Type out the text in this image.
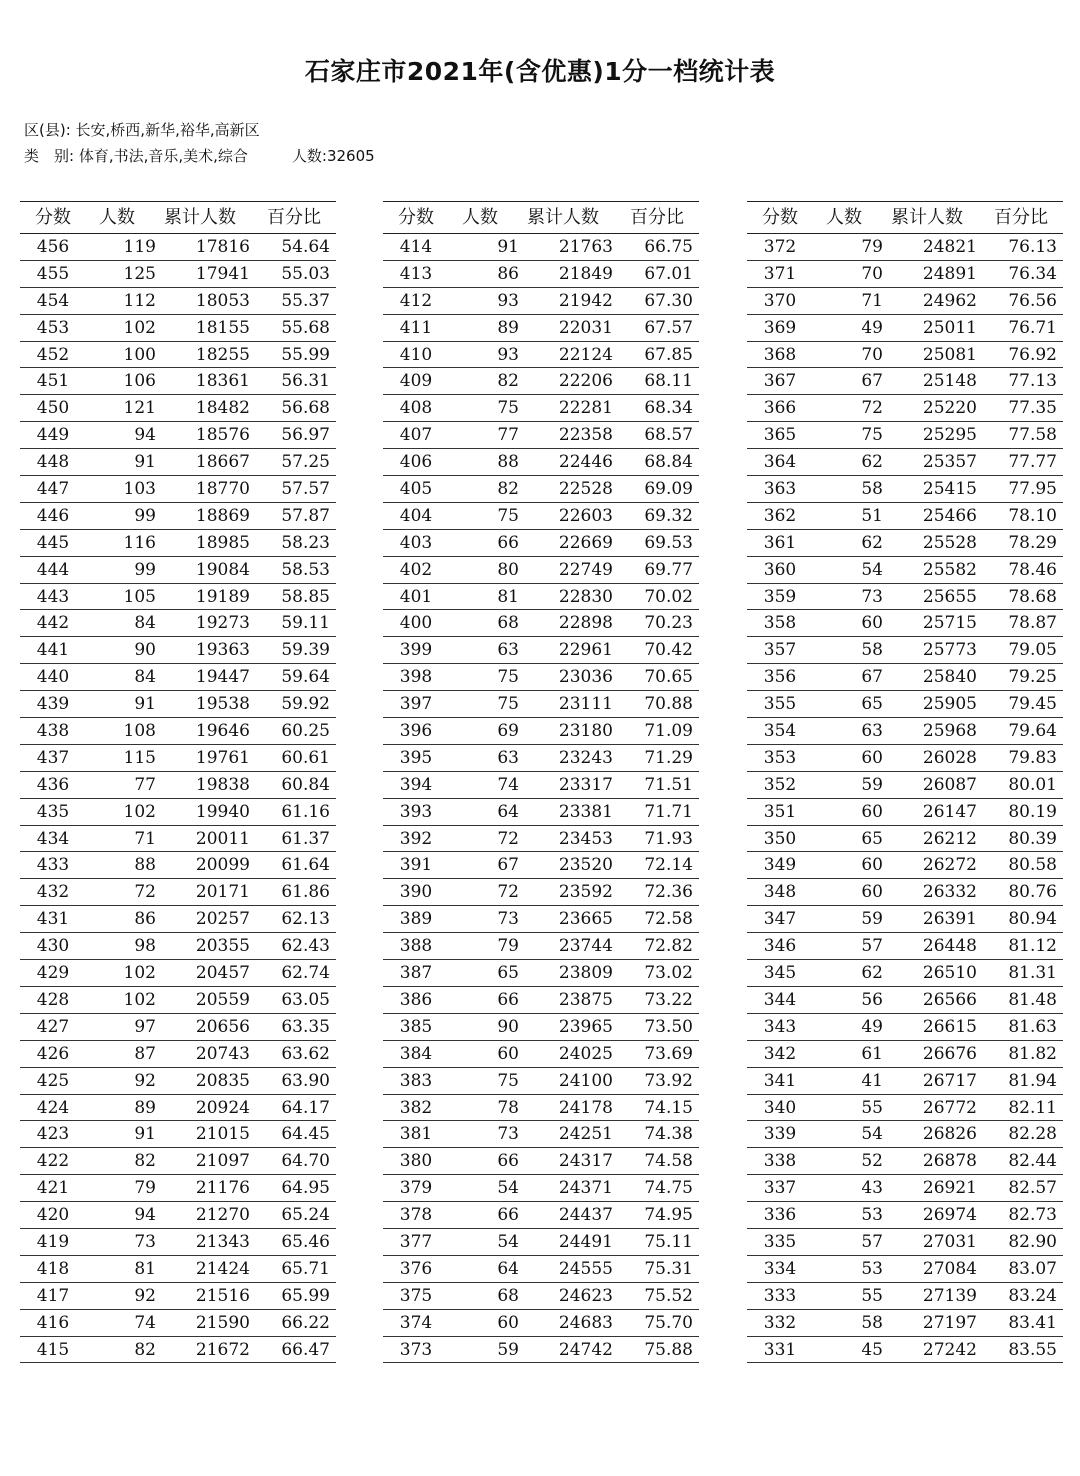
石家庄市2021年(含优惠)1分一档统计表
区(县): 长安,桥西,新华,裕华,高新区
类　别: 体育,书法,音乐,美术,综合	人数:32605
分数	人数	累计人数	百分比
456	119	17816	54.64
455	125	17941	55.03
454	112	18053	55.37
453	102	18155	55.68
452	100	18255	55.99
451	106	18361	56.31
450	121	18482	56.68
449	94	18576	56.97
448	91	18667	57.25
447	103	18770	57.57
446	99	18869	57.87
445	116	18985	58.23
444	99	19084	58.53
443	105	19189	58.85
442	84	19273	59.11
441	90	19363	59.39
440	84	19447	59.64
439	91	19538	59.92
438	108	19646	60.25
437	115	19761	60.61
436	77	19838	60.84
435	102	19940	61.16
434	71	20011	61.37
433	88	20099	61.64
432	72	20171	61.86
431	86	20257	62.13
430	98	20355	62.43
429	102	20457	62.74
428	102	20559	63.05
427	97	20656	63.35
426	87	20743	63.62
425	92	20835	63.90
424	89	20924	64.17
423	91	21015	64.45
422	82	21097	64.70
421	79	21176	64.95
420	94	21270	65.24
419	73	21343	65.46
418	81	21424	65.71
417	92	21516	65.99
416	74	21590	66.22
415	82	21672	66.47
分数	人数	累计人数	百分比
414	91	21763	66.75
413	86	21849	67.01
412	93	21942	67.30
411	89	22031	67.57
410	93	22124	67.85
409	82	22206	68.11
408	75	22281	68.34
407	77	22358	68.57
406	88	22446	68.84
405	82	22528	69.09
404	75	22603	69.32
403	66	22669	69.53
402	80	22749	69.77
401	81	22830	70.02
400	68	22898	70.23
399	63	22961	70.42
398	75	23036	70.65
397	75	23111	70.88
396	69	23180	71.09
395	63	23243	71.29
394	74	23317	71.51
393	64	23381	71.71
392	72	23453	71.93
391	67	23520	72.14
390	72	23592	72.36
389	73	23665	72.58
388	79	23744	72.82
387	65	23809	73.02
386	66	23875	73.22
385	90	23965	73.50
384	60	24025	73.69
383	75	24100	73.92
382	78	24178	74.15
381	73	24251	74.38
380	66	24317	74.58
379	54	24371	74.75
378	66	24437	74.95
377	54	24491	75.11
376	64	24555	75.31
375	68	24623	75.52
374	60	24683	75.70
373	59	24742	75.88
分数	人数	累计人数	百分比
372	79	24821	76.13
371	70	24891	76.34
370	71	24962	76.56
369	49	25011	76.71
368	70	25081	76.92
367	67	25148	77.13
366	72	25220	77.35
365	75	25295	77.58
364	62	25357	77.77
363	58	25415	77.95
362	51	25466	78.10
361	62	25528	78.29
360	54	25582	78.46
359	73	25655	78.68
358	60	25715	78.87
357	58	25773	79.05
356	67	25840	79.25
355	65	25905	79.45
354	63	25968	79.64
353	60	26028	79.83
352	59	26087	80.01
351	60	26147	80.19
350	65	26212	80.39
349	60	26272	80.58
348	60	26332	80.76
347	59	26391	80.94
346	57	26448	81.12
345	62	26510	81.31
344	56	26566	81.48
343	49	26615	81.63
342	61	26676	81.82
341	41	26717	81.94
340	55	26772	82.11
339	54	26826	82.28
338	52	26878	82.44
337	43	26921	82.57
336	53	26974	82.73
335	57	27031	82.90
334	53	27084	83.07
333	55	27139	83.24
332	58	27197	83.41
331	45	27242	83.55
